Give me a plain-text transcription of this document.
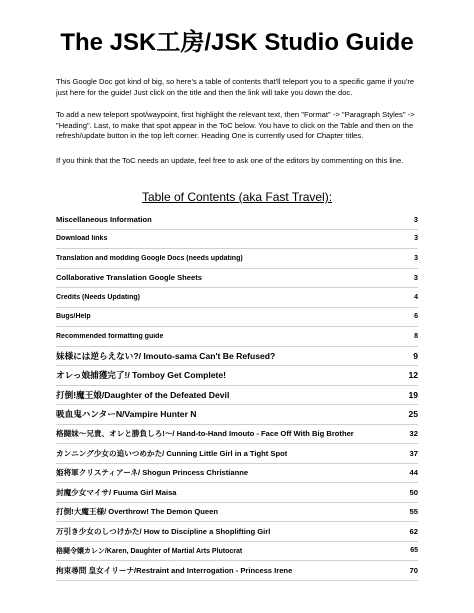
The JSK工房/JSK Studio Guide

This Google Doc got kind of big, so here's a table of contents that'll teleport you to a specific game if you're just here for the guide! Just click on the title and then the link will take you down the doc.

To add a new teleport spot/waypoint, first highlight the relevant text, then "Format" -> "Paragraph Styles" -> "Heading". Last, to make that spot appear in the ToC below. You have to click on the Table and then on the refresh/update button in the top left corner. Heading One is currently used for Chapter titles.

If you think that the ToC needs an update, feel free to ask one of the editors by commenting on this line.

Table of Contents (aka Fast Travel):
Miscellaneous Information	3
Download links	3
Translation and modding Google Docs (needs updating)	3
Collaborative Translation Google Sheets	3
Credits (Needs Updating)	4
Bugs/Help	6
Recommended formatting guide	8
妹様には逆らえない?/ Imouto-sama Can't Be Refused?	9
オレっ娘捕獲完了!/ Tomboy Get Complete!	12
打倒!魔王娘/Daughter of the Defeated Devil	19
吸血鬼ハンターN/Vampire Hunter N	25
格闘妹〜兄貴、オレと勝負しろ!〜/ Hand-to-Hand Imouto - Face Off With Big Brother	32
カンニング少女の追いつめかた/ Cunning Little Girl in a Tight Spot	37
姫将軍クリスティアーネ/ Shogun Princess Christianne	44
封魔少女マイサ/ Fuuma Girl Maisa	50
打倒!大魔王様/ Overthrow! The Demon Queen	55
万引き少女のしつけかた/ How to Discipline a Shoplifting Girl	62
格闘令嬢カレン/Karen, Daughter of Martial Arts Plutocrat	65
拘束尋問 皇女イリーナ/Restraint and Interrogation - Princess Irene	70
